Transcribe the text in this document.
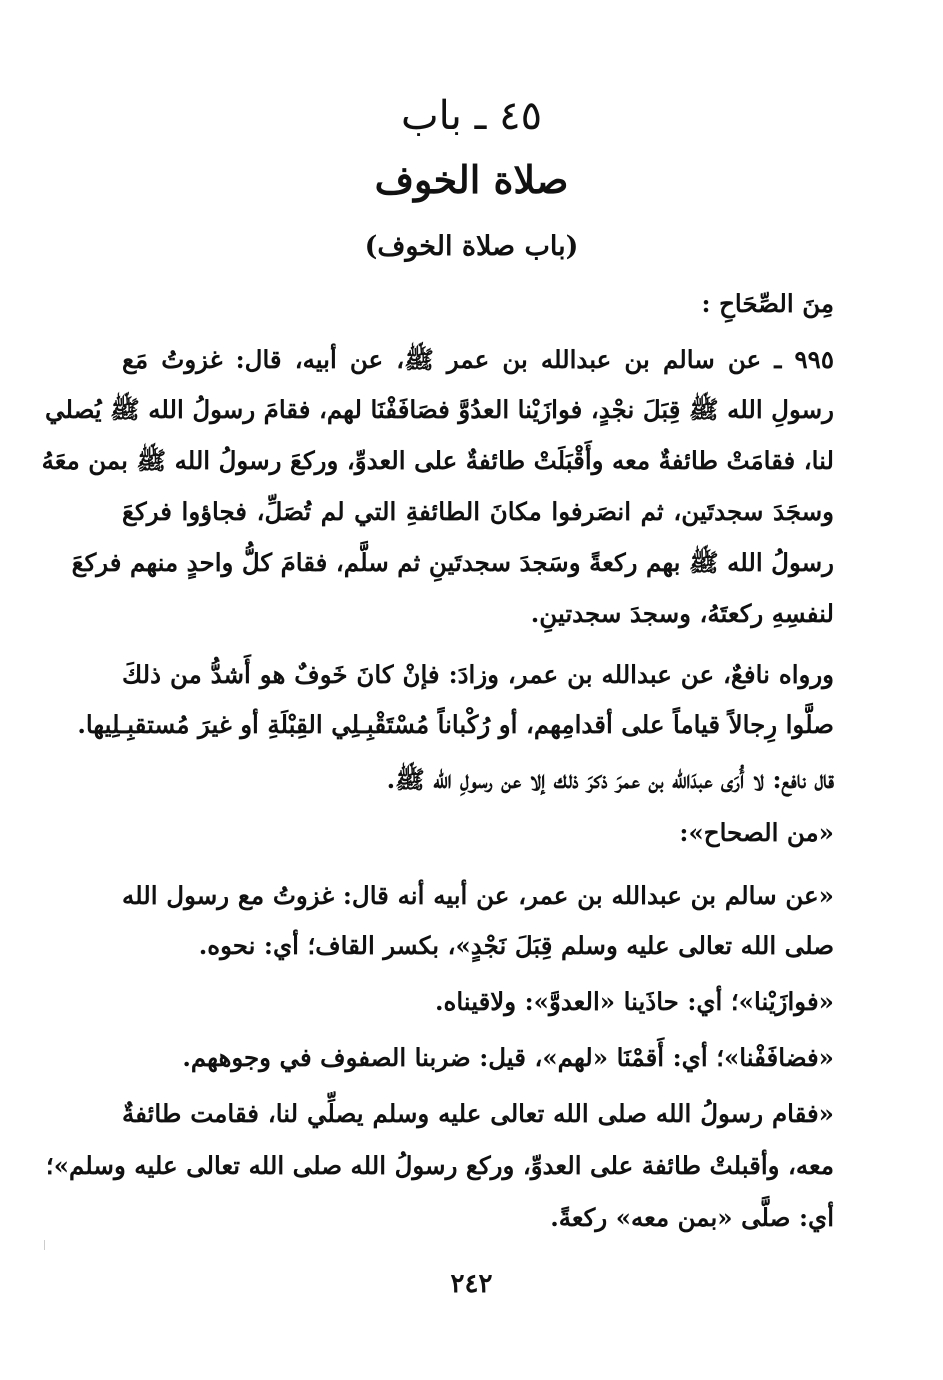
٤٥ ـ باب
صلاة الخوف
(باب صلاة الخوف)
مِنَ الصِّحَاحِ :
٩٩٥ ـ عن سالم بن عبدالله بن عمر ﷺ، عن أبيه، قال: غزوتُ مَع
رسولِ الله ﷺ قِبَلَ نجْدٍ، فوازَيْنا العدُوَّ فصَافَفْنَا لهم، فقامَ رسولُ الله ﷺ يُصلي
لنا، فقامَتْ طائفةٌ معه وأَقْبَلَتْ طائفةٌ على العدوِّ، وركعَ رسولُ الله ﷺ بمن معَهُ
وسجَدَ سجدتَين، ثم انصَرفوا مكانَ الطائفةِ التي لم تُصَلِّ، فجاؤوا فركعَ
رسولُ الله ﷺ بهم ركعةً وسَجدَ سجدتَينِ ثم سلَّم، فقامَ كلُّ واحدٍ منهم فركعَ
لنفسِهِ ركعتَهُ، وسجدَ سجدتينِ.
ورواه نافعٌ، عن عبدالله بن عمر، وزادَ: فإنْ كانَ خَوفٌ هو أَشدُّ من ذلكَ
صلَّوا رِجالاً قياماً على أقدامِهم، أو رُكْباناً مُسْتَقْبِـلِي القِبْلَةِ أو غيرَ مُستقبِـلِيها.
قال نافع: لا أُرَى عبدَالله بن عمرَ ذكرَ ذلك إلا عن رسولِ الله ﷺ.
«من الصحاح»:
«عن سالم بن عبدالله بن عمر، عن أبيه أنه قال: غزوتُ مع رسول الله
صلى الله تعالى عليه وسلم قِبَلَ نَجْدٍ»، بكسر القاف؛ أي: نحوه.
«فوازَيْنا»؛ أي: حاذَينا «العدوَّ»: ولاقيناه.
«فضافَفْنا»؛ أي: أَقمْنَا «لهم»، قيل: ضربنا الصفوف في وجوههم.
«فقام رسولُ الله صلى الله تعالى عليه وسلم يصلِّي لنا، فقامت طائفةٌ
معه، وأقبلتْ طائفة على العدوِّ، وركع رسولُ الله صلى الله تعالى عليه وسلم»؛
أي: صلَّى «بمن معه» ركعةً.
٢٤٢
